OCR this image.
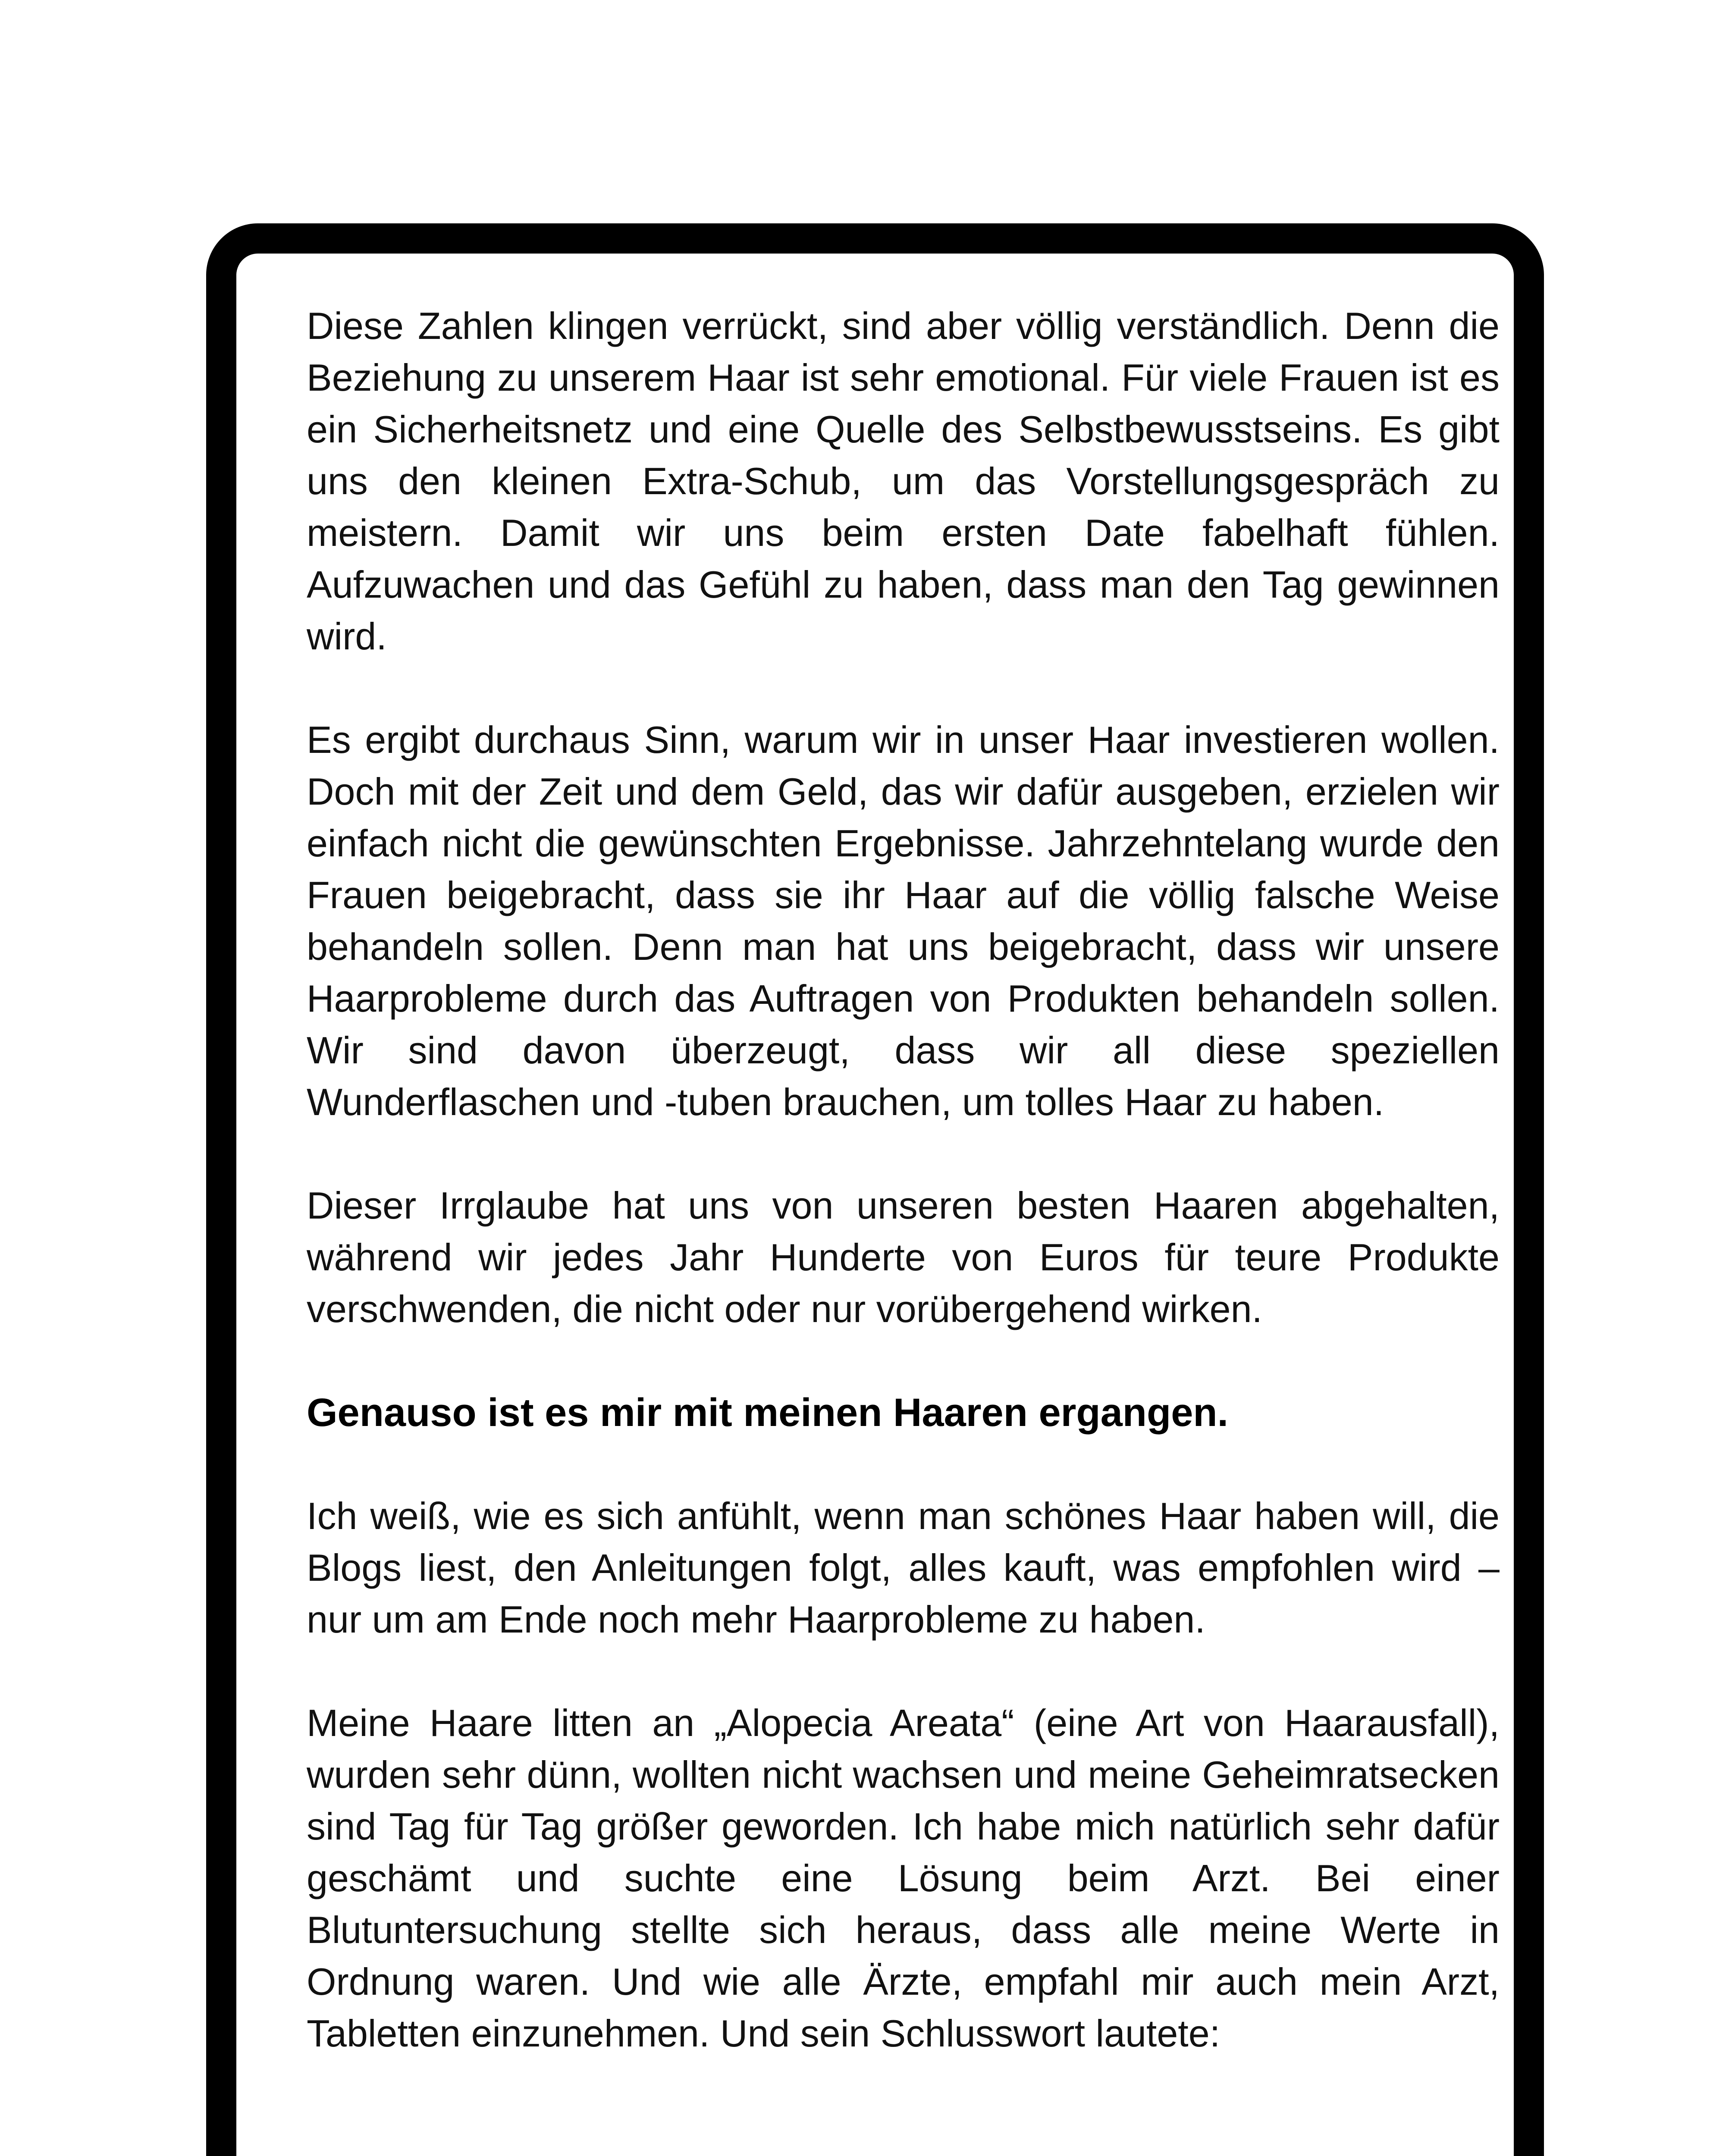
Diese Zahlen klingen verrückt, sind aber völlig verständlich. Denn die Beziehung zu unserem Haar ist sehr emotional. Für viele Frauen ist es ein Sicherheitsnetz und eine Quelle des Selbstbewusstseins. Es gibt uns den kleinen Extra-Schub, um das Vorstellungsgespräch zu meistern. Damit wir uns beim ersten Date fabelhaft fühlen. Aufzuwachen und das Gefühl zu haben, dass man den Tag gewinnen wird.

Es ergibt durchaus Sinn, warum wir in unser Haar investieren wollen. Doch mit der Zeit und dem Geld, das wir dafür ausgeben, erzielen wir einfach nicht die gewünschten Ergebnisse. Jahrzehntelang wurde den Frauen beigebracht, dass sie ihr Haar auf die völlig falsche Weise behandeln sollen. Denn man hat uns beigebracht, dass wir unsere Haarprobleme durch das Auftragen von Produkten behandeln sollen. Wir sind davon überzeugt, dass wir all diese speziellen Wunderflaschen und -tuben brauchen, um tolles Haar zu haben.

Dieser Irrglaube hat uns von unseren besten Haaren abgehalten, während wir jedes Jahr Hunderte von Euros für teure Produkte verschwenden, die nicht oder nur vorübergehend wirken.

Genauso ist es mir mit meinen Haaren ergangen.

Ich weiß, wie es sich anfühlt, wenn man schönes Haar haben will, die Blogs liest, den Anleitungen folgt, alles kauft, was empfohlen wird – nur um am Ende noch mehr Haarprobleme zu haben.

Meine Haare litten an „Alopecia Areata“ (eine Art von Haarausfall), wurden sehr dünn, wollten nicht wachsen und meine Geheimratsecken sind Tag für Tag größer geworden. Ich habe mich natürlich sehr dafür geschämt und suchte eine Lösung beim Arzt. Bei einer Blutuntersuchung stellte sich heraus, dass alle meine Werte in Ordnung waren. Und wie alle Ärzte, empfahl mir auch mein Arzt, Tabletten einzunehmen. Und sein Schlusswort lautete:
